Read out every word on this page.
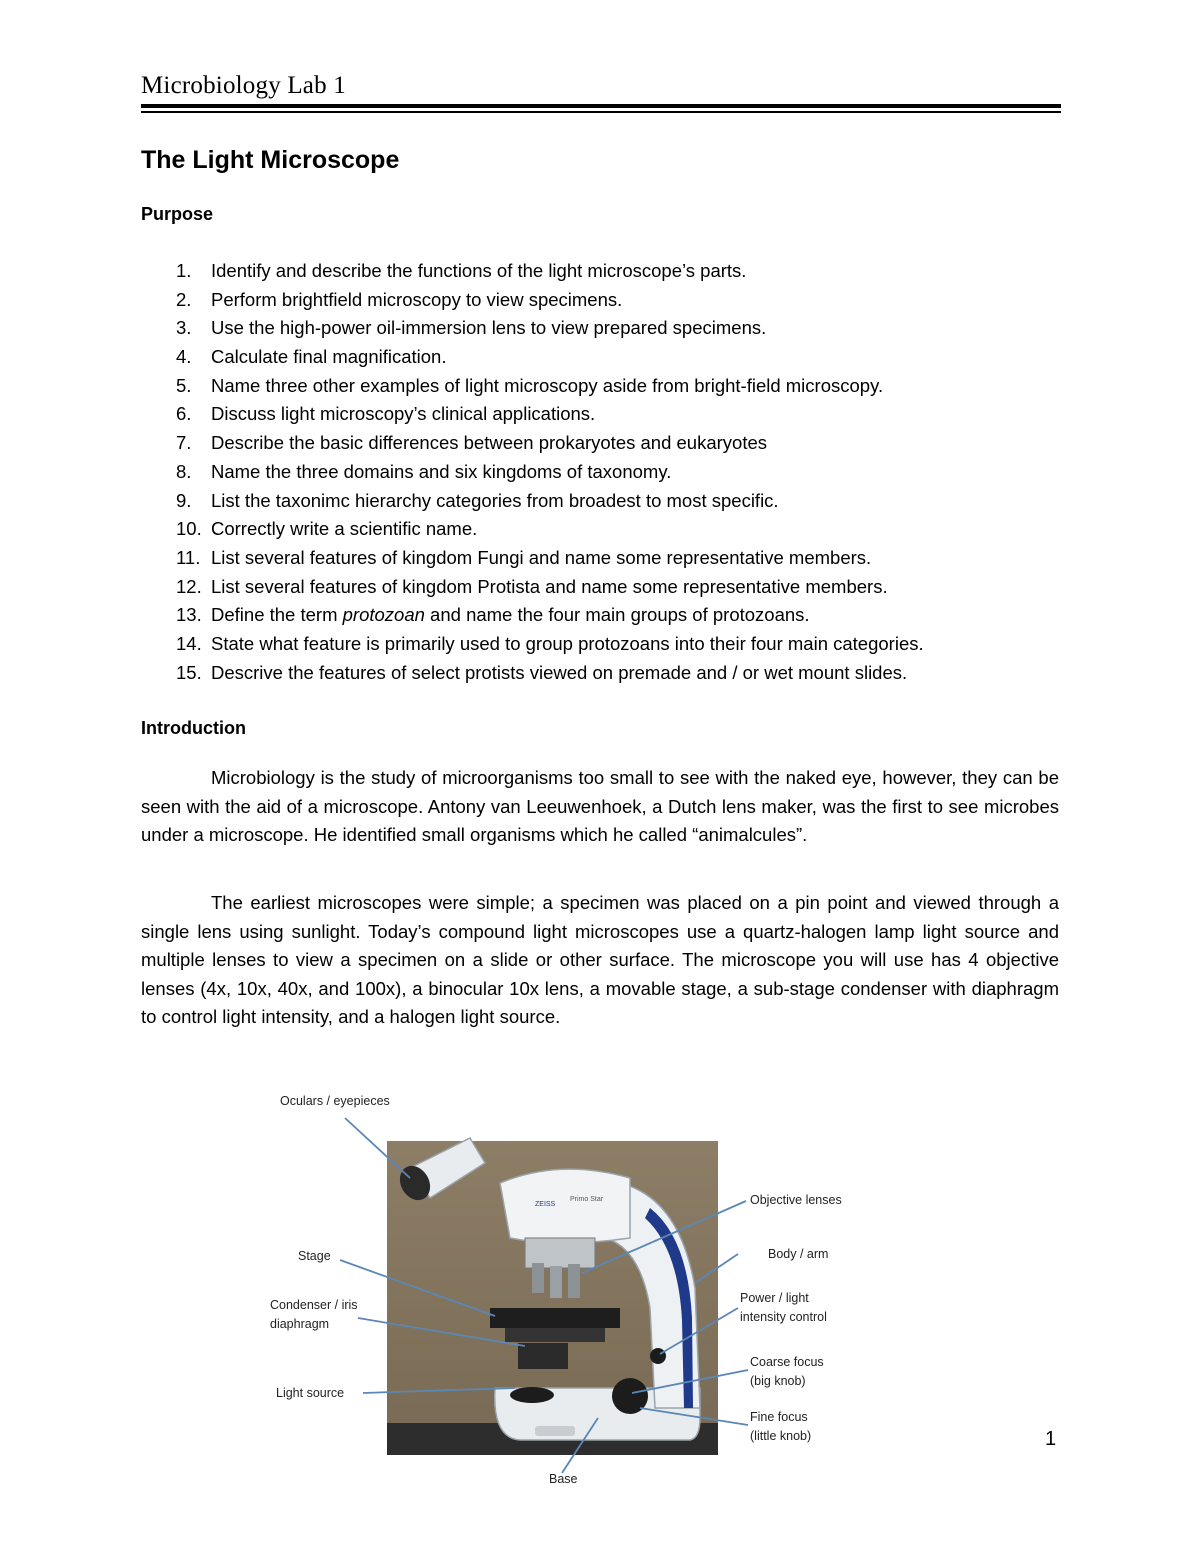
Microbiology Lab 1
The Light Microscope
Purpose
1. Identify and describe the functions of the light microscope’s parts.
2. Perform brightfield microscopy to view specimens.
3. Use the high-power oil-immersion lens to view prepared specimens.
4. Calculate final magnification.
5. Name three other examples of light microscopy aside from bright-field microscopy.
6. Discuss light microscopy’s clinical applications.
7. Describe the basic differences between prokaryotes and eukaryotes
8. Name the three domains and six kingdoms of taxonomy.
9. List the taxonimc hierarchy categories from broadest to most specific.
10. Correctly write a scientific name.
11. List several features of kingdom Fungi and name some representative members.
12. List several features of kingdom Protista and name some representative members.
13. Define the term protozoan and name the four main groups of protozoans.
14. State what feature is primarily used to group protozoans into their four main categories.
15. Descrive the features of select protists viewed on premade and / or wet mount slides.
Introduction

Microbiology is the study of microorganisms too small to see with the naked eye, however, they can be seen with the aid of a microscope. Antony van Leeuwenhoek, a Dutch lens maker, was the first to see microbes under a microscope. He identified small organisms which he called “animalcules”.

The earliest microscopes were simple; a specimen was placed on a pin point and viewed through a single lens using sunlight. Today’s compound light microscopes use a quartz-halogen lamp light source and multiple lenses to view a specimen on a slide or other surface. The microscope you will use has 4 objective lenses (4x, 10x, 40x, and 100x), a binocular 10x lens, a movable stage, a sub-stage condenser with diaphragm to control light intensity, and a halogen light source.

ZEISS
Primo Star
Oculars / eyepieces
Stage
Condenser / iris
diaphragm
Light source
Base
Objective lenses
Body / arm
Power / light
intensity control
Coarse focus
(big knob)
Fine focus
(little knob)	1
